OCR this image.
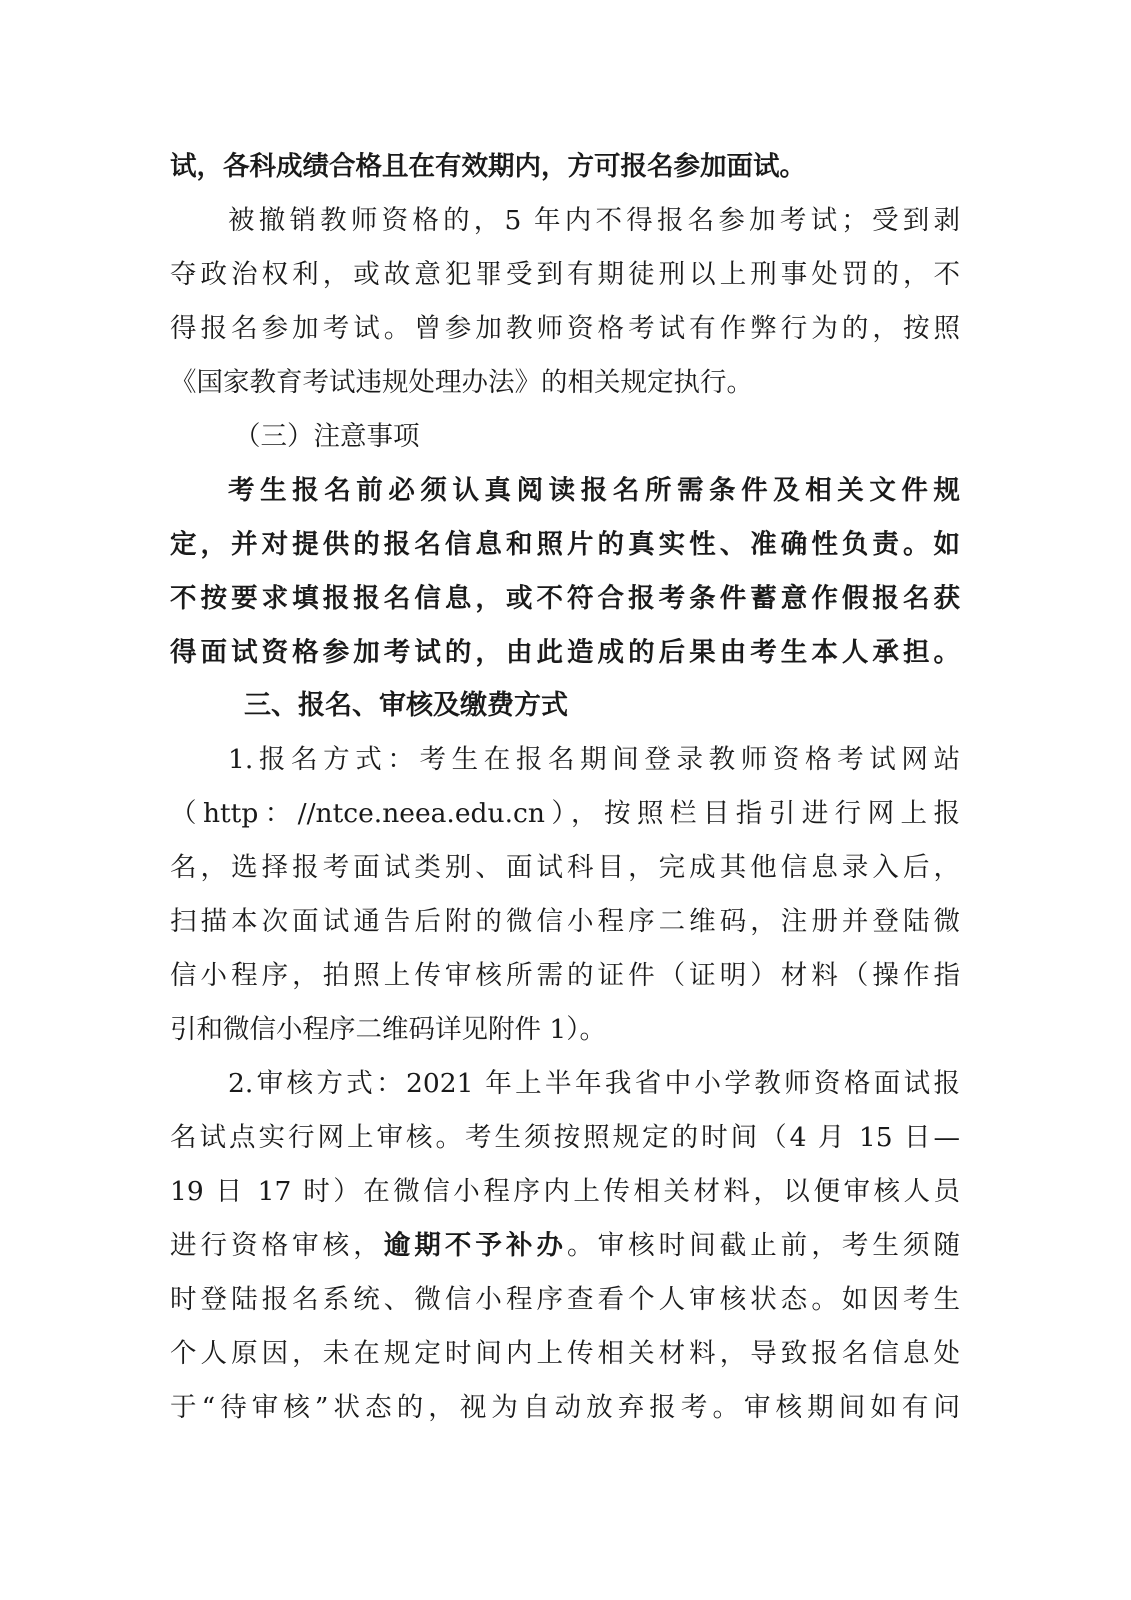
试，各科成绩合格且在有效期内，方可报名参加面试。
被撤销教师资格的，5 年内不得报名参加考试；受到剥
夺政治权利，或故意犯罪受到有期徒刑以上刑事处罚的，不
得报名参加考试。曾参加教师资格考试有作弊行为的，按照
《国家教育考试违规处理办法》的相关规定执行。
（三）注意事项
考生报名前必须认真阅读报名所需条件及相关文件规
定，并对提供的报名信息和照片的真实性、准确性负责。如
不按要求填报报名信息，或不符合报考条件蓄意作假报名获
得面试资格参加考试的，由此造成的后果由考生本人承担。
三、报名、审核及缴费方式
1.报名方式：考生在报名期间登录教师资格考试网站
（http：//ntce.neea.edu.cn），按照栏目指引进行网上报
名，选择报考面试类别、面试科目，完成其他信息录入后，
扫描本次面试通告后附的微信小程序二维码，注册并登陆微
信小程序，拍照上传审核所需的证件（证明）材料（操作指
引和微信小程序二维码详见附件 1）。
2.审核方式：2021 年上半年我省中小学教师资格面试报
名试点实行网上审核。考生须按照规定的时间（4 月 15 日—
19 日 17 时）在微信小程序内上传相关材料，以便审核人员
进行资格审核，逾期不予补办。审核时间截止前，考生须随
时登陆报名系统、微信小程序查看个人审核状态。如因考生
个人原因，未在规定时间内上传相关材料，导致报名信息处
于“待审核”状态的，视为自动放弃报考。审核期间如有问
